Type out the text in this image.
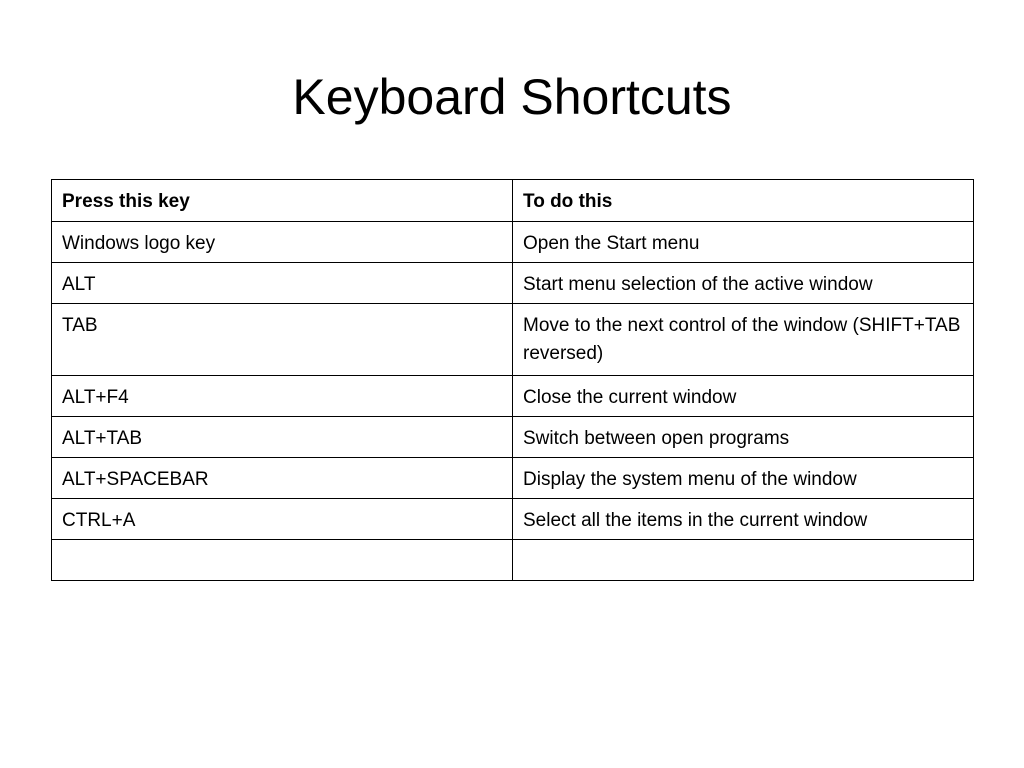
Keyboard Shortcuts
Press this key	To do this
Windows logo key	Open the Start menu
ALT	Start menu selection of the active window
TAB	Move to the next control of the window (SHIFT+TAB reversed)
ALT+F4	Close the current window
ALT+TAB	Switch between open programs
ALT+SPACEBAR	Display the system menu of the window
CTRL+A	Select all the items in the current window
